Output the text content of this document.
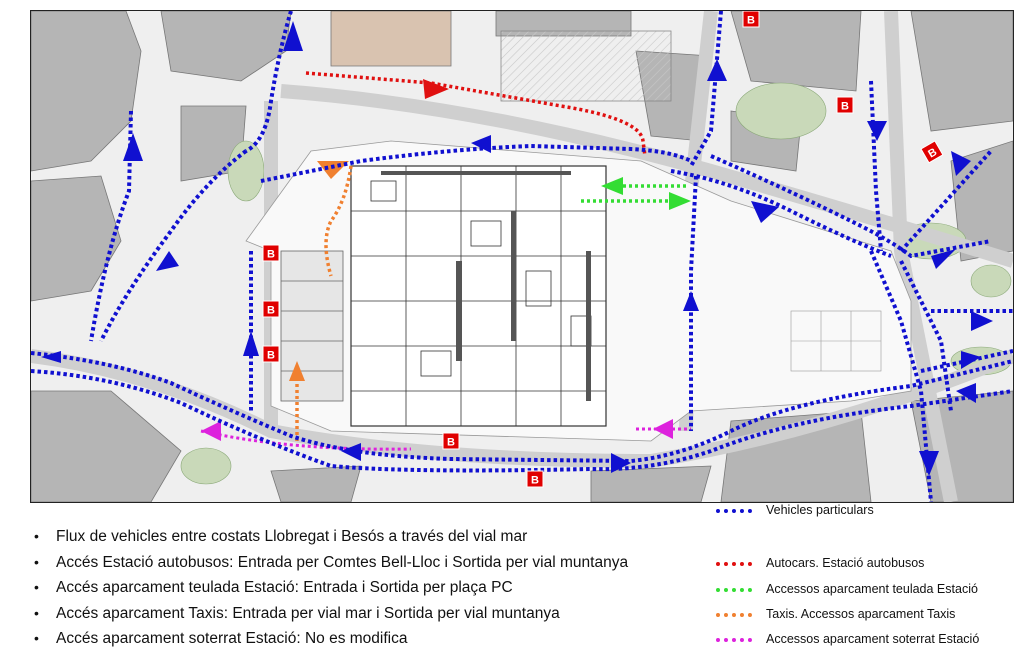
B
B
B
B
B
B
B
B
• Flux de vehicles entre costats Llobregat i Besós a través del vial mar
• Accés Estació autobusos: Entrada per Comtes Bell-Lloc i Sortida per vial muntanya
• Accés aparcament teulada Estació: Entrada i Sortida per plaça PC
• Accés aparcament Taxis: Entrada per vial mar i Sortida per vial muntanya
• Accés aparcament soterrat Estació: No es modifica
Vehicles particulars
Autocars. Estació autobusos
Accessos aparcament teulada Estació
Taxis. Accessos aparcament Taxis
Accessos aparcament soterrat Estació
